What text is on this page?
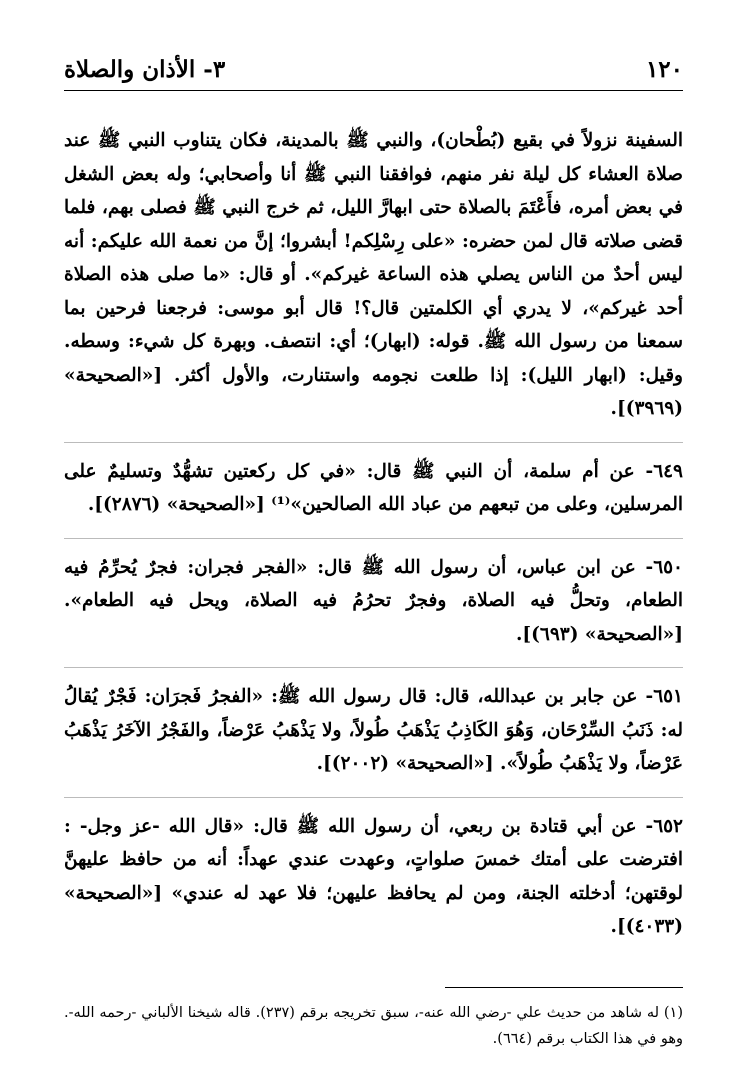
١٢٠
٣- الأذان والصلاة

السفينة نزولاً في بقيع (بُطْحان)، والنبي ﷺ بالمدينة، فكان يتناوب النبي ﷺ عند صلاة العشاء كل ليلة نفر منهم، فوافقنا النبي ﷺ أنا وأصحابي؛ وله بعض الشغل في بعض أمره، فأَعْتَمَ بالصلاة حتى ابهارَّ الليل، ثم خرج النبي ﷺ فصلى بهم، فلما قضى صلاته قال لمن حضره: «على رِسْلِكم! أبشروا؛ إنَّ من نعمة الله عليكم: أنه ليس أحدٌ من الناس يصلي هذه الساعة غيركم». أو قال: «ما صلى هذه الصلاة أحد غيركم»، لا يدري أي الكلمتين قال؟! قال أبو موسى: فرجعنا فرحين بما سمعنا من رسول الله ﷺ. قوله: (ابهار)؛ أي: انتصف. وبهرة كل شيء: وسطه. وقيل: (ابهار الليل): إذا طلعت نجومه واستنارت، والأول أكثر. [«الصحيحة» (٣٩٦٩)].

٦٤٩- عن أم سلمة، أن النبي ﷺ قال: «في كل ركعتين تشهُّدٌ وتسليمٌ على المرسلين، وعلى من تبعهم من عباد الله الصالحين»⁽¹⁾ [«الصحيحة» (٢٨٧٦)].

٦٥٠- عن ابن عباس، أن رسول الله ﷺ قال: «الفجر فجران: فجرٌ يُحرِّمُ فيه الطعام، وتحلُّ فيه الصلاة، وفجرٌ تحرُمُ فيه الصلاة، ويحل فيه الطعام». [«الصحيحة» (٦٩٣)].

٦٥١- عن جابر بن عبدالله، قال: قال رسول الله ﷺ: «الفجرُ فَجرَان: فَجْرٌ يُقالُ له: ذَنَبُ السِّرْحَان، وَهُوَ الكَاذِبُ يَذْهَبُ طُولاً، ولا يَذْهَبُ عَرْضاً، والفَجْرُ الآخَرُ يَذْهَبُ عَرْضاً، ولا يَذْهَبُ طُولاً». [«الصحيحة» (٢٠٠٢)].

٦٥٢- عن أبي قتادة بن ربعي، أن رسول الله ﷺ قال: «قال الله -عز وجل- : افترضت على أمتك خمسَ صلواتٍ، وعهدت عندي عهداً: أنه من حافظ عليهنَّ لوقتهن؛ أدخلته الجنة، ومن لم يحافظ عليهن؛ فلا عهد له عندي» [«الصحيحة» (٤٠٣٣)].

(١) له شاهد من حديث علي -رضي الله عنه-، سبق تخريجه برقم (٢٣٧). قاله شيخنا الألباني -رحمه الله-. وهو في هذا الكتاب برقم (٦٦٤).
